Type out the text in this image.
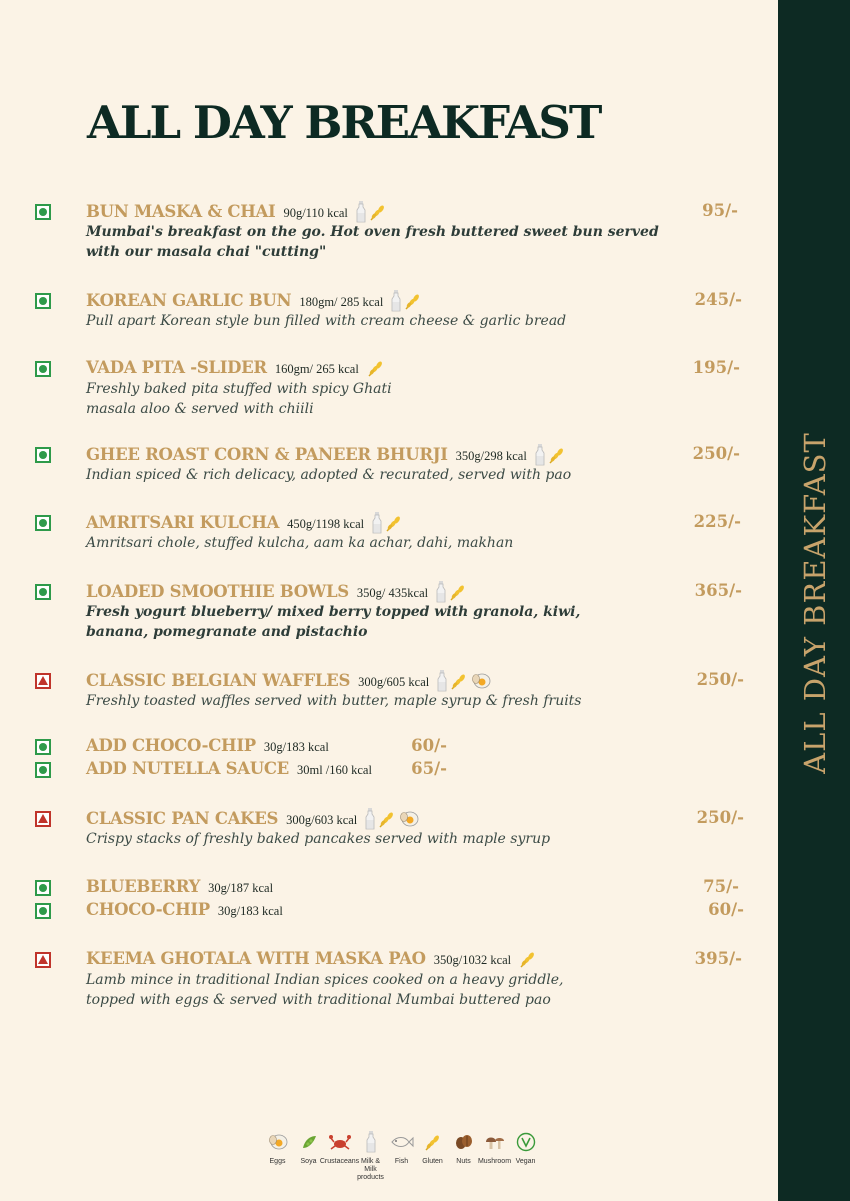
ALL DAY BREAKFAST
ALL DAY BREAKFAST
BUN MASKA & CHAI 90g/110 kcal
Mumbai's breakfast on the go. Hot oven fresh buttered sweet bun served
with our masala chai "cutting"
95/-
KOREAN GARLIC BUN 180gm/ 285 kcal
Pull apart Korean style bun filled with cream cheese & garlic bread
245/-
VADA PITA -SLIDER 160gm/ 265 kcal
Freshly baked pita stuffed with spicy Ghati
masala aloo & served with chiili
195/-
GHEE ROAST CORN & PANEER BHURJI 350g/298 kcal
Indian spiced & rich delicacy, adopted & recurated, served with pao
250/-
AMRITSARI KULCHA 450g/1198 kcal
Amritsari chole, stuffed kulcha, aam ka achar, dahi, makhan
225/-
LOADED SMOOTHIE BOWLS 350g/ 435kcal
Fresh yogurt blueberry/ mixed berry topped with granola, kiwi,
banana, pomegranate and pistachio
365/-
CLASSIC BELGIAN WAFFLES 300g/605 kcal
Freshly toasted waffles served with butter, maple syrup & fresh fruits
250/-
ADD CHOCO-CHIP 30g/183 kcal	60/-
ADD NUTELLA SAUCE 30ml /160 kcal	65/-
CLASSIC PAN CAKES 300g/603 kcal
Crispy stacks of freshly baked pancakes served with maple syrup
250/-
BLUEBERRY 30g/187 kcal	75/-
CHOCO-CHIP 30g/183 kcal	60/-
KEEMA GHOTALA WITH MASKA PAO 350g/1032 kcal
Lamb mince in traditional Indian spices cooked on a heavy griddle,
topped with eggs & served with traditional Mumbai buttered pao
395/-
Eggs Soya Crustaceans Milk & Milk products
Fish Gluten Nuts Mushroom Vegan
